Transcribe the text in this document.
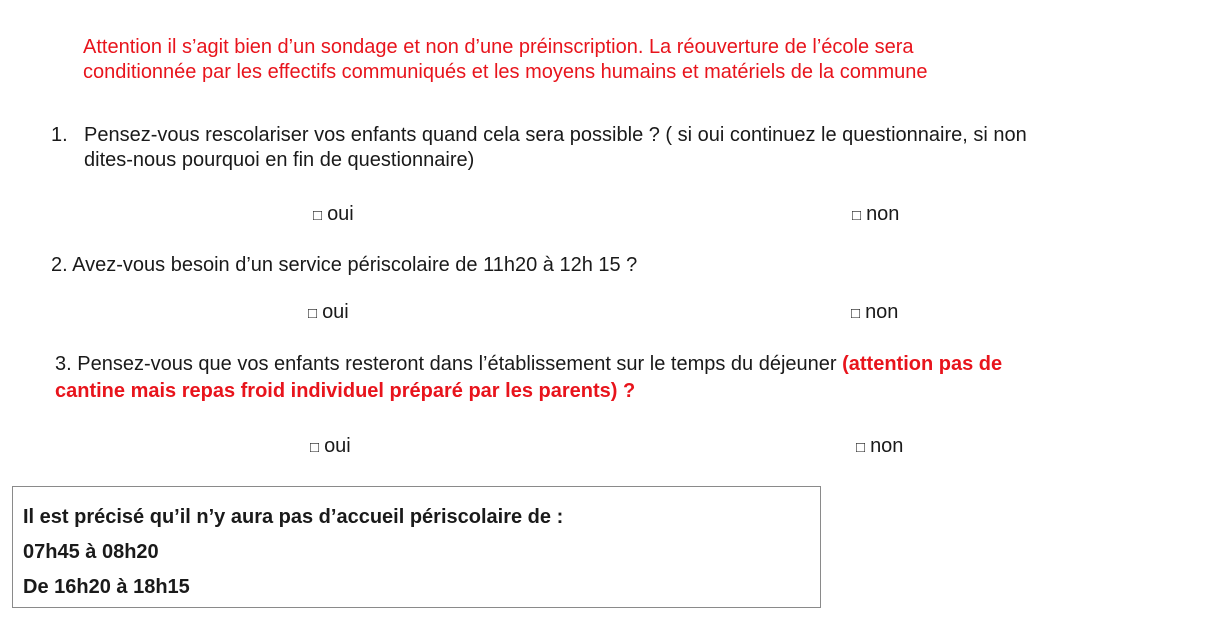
Attention il s’agit bien d’un sondage et non d’une préinscription. La réouverture de l’école sera
conditionnée par les effectifs communiqués et les moyens humains et matériels de la commune
1. Pensez-vous rescolariser vos enfants quand cela sera possible ? ( si oui continuez le questionnaire, si non
dites-nous pourquoi en fin de questionnaire)
□ oui	□ non
2. Avez-vous besoin d’un service périscolaire de 11h20 à 12h 15 ?
□ oui	□ non
3. Pensez-vous que vos enfants resteront dans l’établissement sur le temps du déjeuner (attention pas de
cantine mais repas froid individuel préparé par les parents) ?
□ oui	□ non
Il est précisé qu’il n’y aura pas d’accueil périscolaire de :
07h45 à 08h20
De 16h20 à 18h15
